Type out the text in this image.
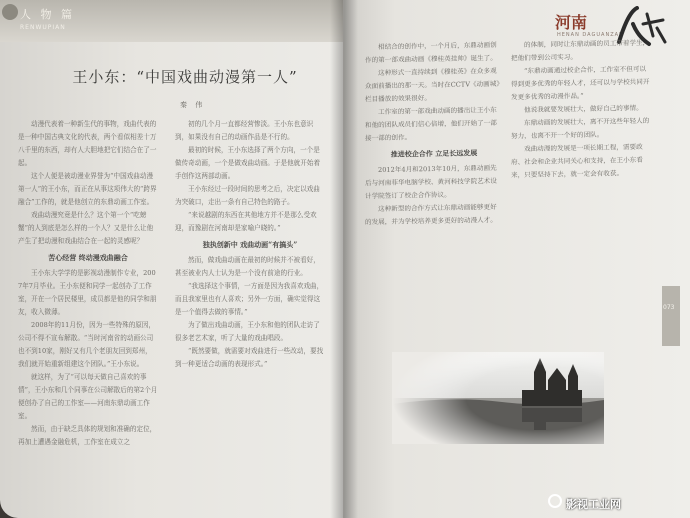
人 物 篇
RENWUPIAN
王小东：“中国戏曲动漫第一人”
秦 伟

动漫代表着一种新生代的事物，戏曲代表的是一种中国古典文化的代表，两个看似相差十万八千里的东西，却有人大胆地把它们结合在了一起。

这个人便是被动漫业界誉为“中国戏曲动漫第一人”的王小东，而正在从事这项伟大的“跨界融合”工作的，就是他创立的东鼎动画工作室。

戏曲动漫究竟是什么？这个第一个“吃螃蟹”的人到底是怎么样的一个人？又是什么让他产生了把动漫和戏曲结合在一起的灵感呢？

苦心经营 终动漫戏曲融合

王小东大学学的是影视动漫制作专业，2007年7月毕业。王小东便和同学一起创办了工作室，开在一个居民楼里，成员都是他的同学和朋友，收入微薄。

2008年的11月份，因为一些特殊的原因，公司不得不宣布解散。“当时河南省的动画公司也不到10家，刚好又有几个老朋友回到郑州，我们就开始重新组建这个团队。”王小东说。

就这样，为了“可以每天做自己喜欢的事情”，王小东和几个同事在公司解散后的第2个月便创办了自己的工作室——河南东鼎动画工作室。

然而，由于缺乏具体的规划和准确的定位，再加上遭遇金融危机，工作室在成立之

初的几个月一直都经营惨淡。王小东也意识到，如果没有自己的动画作品是不行的。

最初的时候，王小东选择了两个方向，一个是做传奇动画，一个是做戏曲动画。于是他就开始着手创作这两部动画。

王小东经过一段时间的思考之后，决定以戏曲为突破口，走出一条有自己特色的路子。

“来说越剧的东西在其他地方并不是那么受欢迎，而豫剧在河南却是家喻户晓的。”

独执创新中 戏曲动画“有搞头”

然而，做戏曲动画在最初的时候并不被看好，甚至被业内人士认为是一个没有前途的行业。

“我选择这个事情，一方面是因为我喜欢戏曲，而且我家里也有人喜欢；另外一方面，确实觉得这是一个值得去做的事情。”

为了做出戏曲动画，王小东和他的团队走访了很多老艺术家，听了大量的戏曲唱段。

“既然要做，就需要对戏曲进行一些改动，要找到一种更适合动画的表现形式。”

河南
HENAN DAGUANZAI

相结合的创作中，一个月后，东鼎动画创作的第一部戏曲动画《穆桂英挂帅》诞生了。

这种形式一直持续到《穆桂英》在众多观众面前播出的那一天。当时在CCTV《动画城》栏目播放的效果很好。

工作室的第一部戏曲动画的播出让王小东和他的团队成员们信心倍增，他们开始了一部接一部的创作。

推进校企合作 立足长远发展

2012年4月和2013年10月，东鼎动画先后与河南菲华电脑学校、黄河科技学院艺术设计学院签订了校企合作协议。

这种新型的合作方式让东鼎动画能够更好的发展，并为学校培养更多更好的动漫人才。

的体制，同时让东鼎动画的员工带着学生，把他们带到公司实习。

“东鼎动画通过校企合作，工作室不但可以得到更多优秀的年轻人才，还可以与学校共同开发更多优秀的动漫作品。”

他说我就要发展壮大，做好自己的事情。

东鼎动画的发展壮大，离不开这些年轻人的努力，也离不开一个好的团队。

戏曲动漫的发展是一项长期工程，需要政府、社会和企业共同关心和支持，在王小东看来，只要坚持下去，就一定会有收获。

073
影视工业网
